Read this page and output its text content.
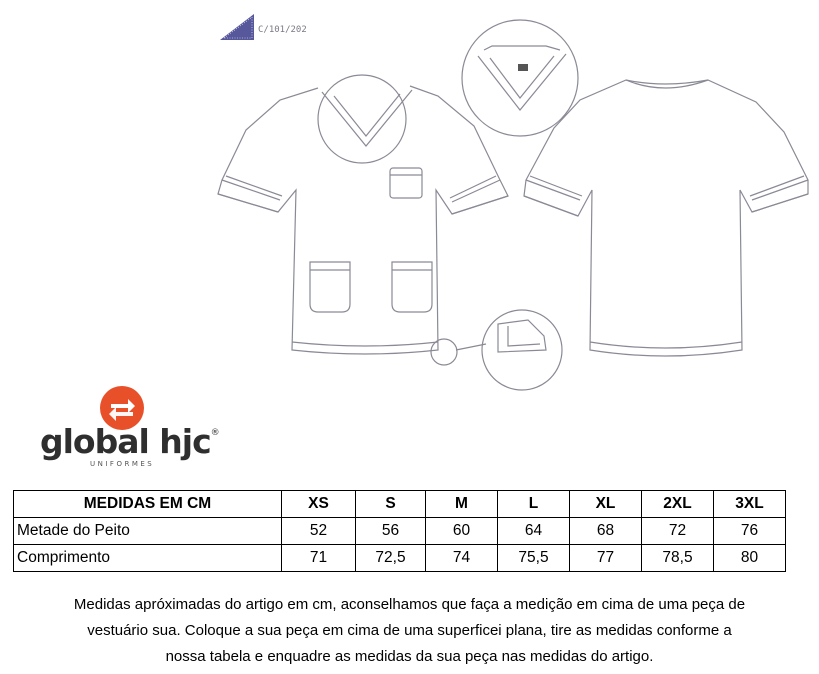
C/101/202
global hjc®
UNIFORMES
MEDIDAS EM CM	XS	S	M	L	XL	2XL	3XL
Metade do Peito	52	56	60	64	68	72	76
Comprimento	71	72,5	74	75,5	77	78,5	80
Medidas apróximadas do artigo em cm, aconselhamos que faça a medição em cima de uma peça de
vestuário sua. Coloque a sua peça em cima de uma superficei plana, tire as medidas conforme a
nossa tabela e enquadre as medidas da sua peça nas medidas do artigo.
